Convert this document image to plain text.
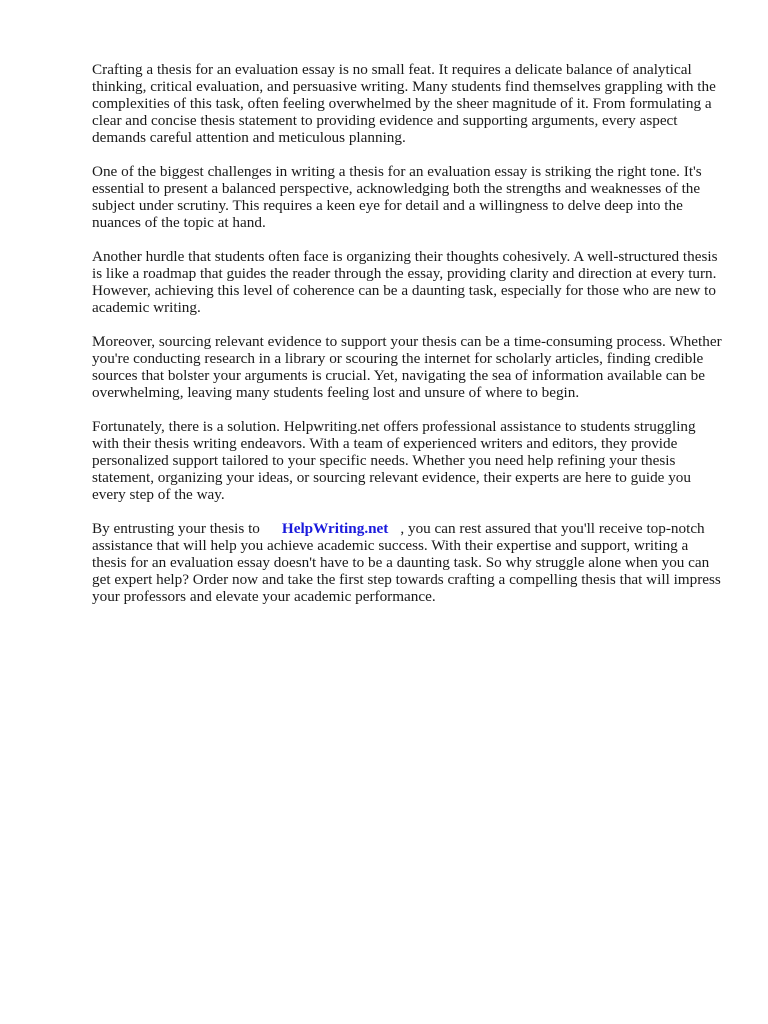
Crafting a thesis for an evaluation essay is no small feat. It requires a delicate balance of analytical thinking, critical evaluation, and persuasive writing. Many students find themselves grappling with the complexities of this task, often feeling overwhelmed by the sheer magnitude of it. From formulating a clear and concise thesis statement to providing evidence and supporting arguments, every aspect demands careful attention and meticulous planning.

One of the biggest challenges in writing a thesis for an evaluation essay is striking the right tone. It's essential to present a balanced perspective, acknowledging both the strengths and weaknesses of the subject under scrutiny. This requires a keen eye for detail and a willingness to delve deep into the nuances of the topic at hand.

Another hurdle that students often face is organizing their thoughts cohesively. A well-structured thesis is like a roadmap that guides the reader through the essay, providing clarity and direction at every turn. However, achieving this level of coherence can be a daunting task, especially for those who are new to academic writing.

Moreover, sourcing relevant evidence to support your thesis can be a time-consuming process. Whether you're conducting research in a library or scouring the internet for scholarly articles, finding credible sources that bolster your arguments is crucial. Yet, navigating the sea of information available can be overwhelming, leaving many students feeling lost and unsure of where to begin.

Fortunately, there is a solution. Helpwriting.net offers professional assistance to students struggling with their thesis writing endeavors. With a team of experienced writers and editors, they provide personalized support tailored to your specific needs. Whether you need help refining your thesis statement, organizing your ideas, or sourcing relevant evidence, their experts are here to guide you every step of the way.

By entrusting your thesis to HelpWriting.net , you can rest assured that you'll receive top-notch assistance that will help you achieve academic success. With their expertise and support, writing a thesis for an evaluation essay doesn't have to be a daunting task. So why struggle alone when you can get expert help? Order now and take the first step towards crafting a compelling thesis that will impress your professors and elevate your academic performance.
